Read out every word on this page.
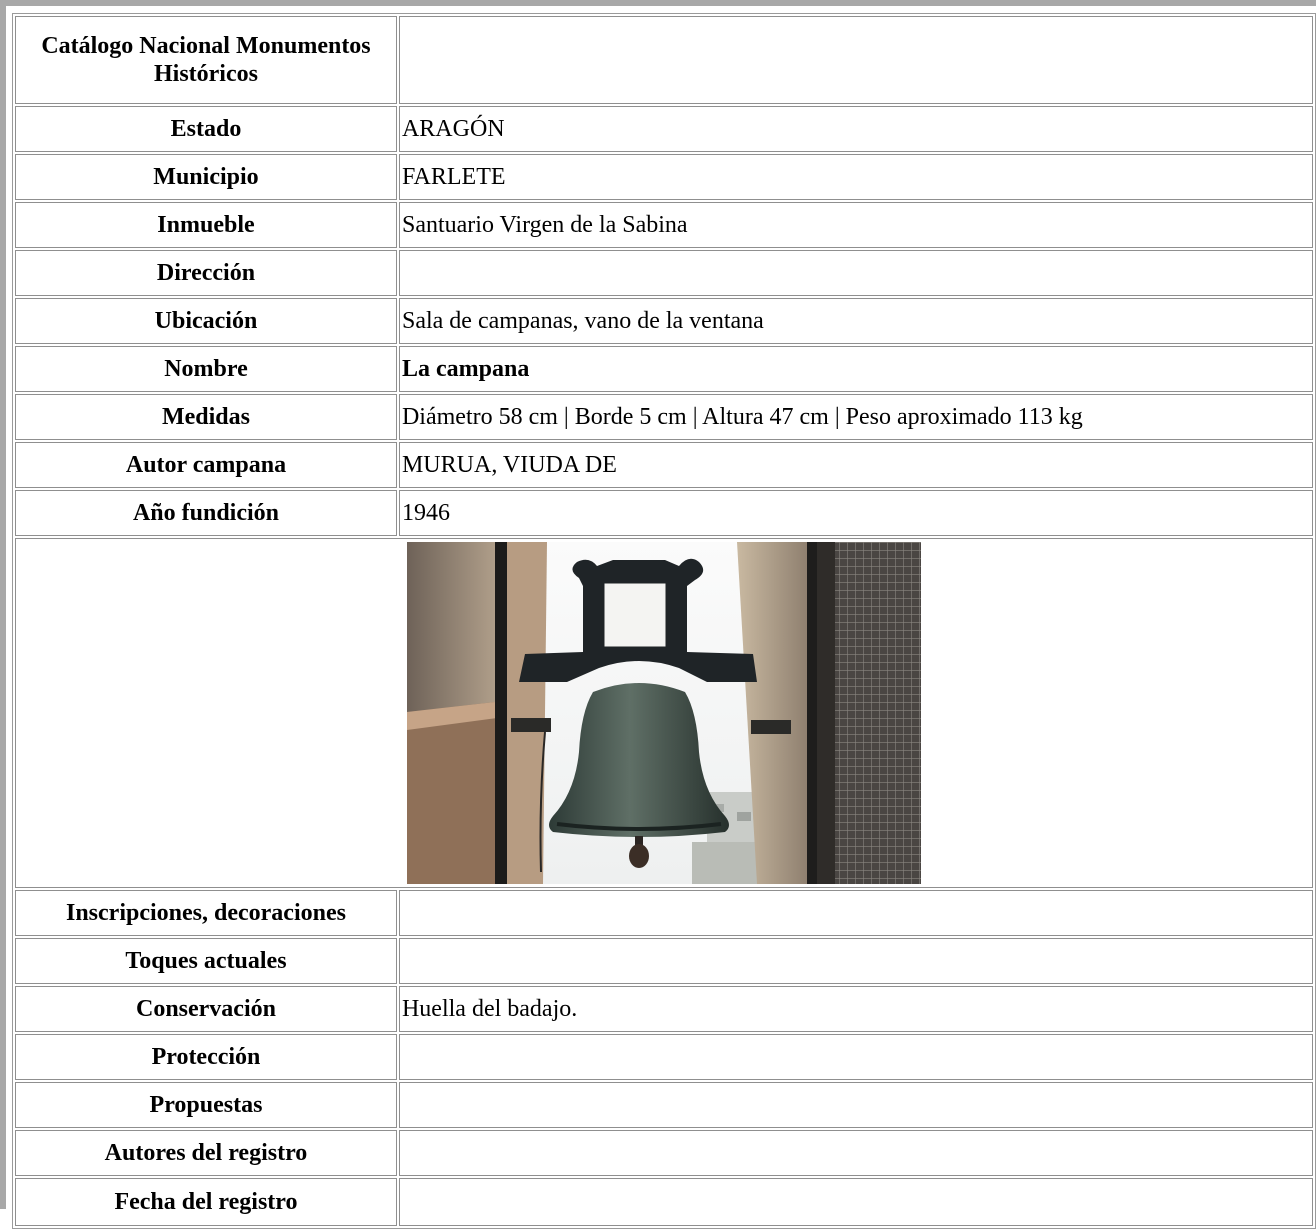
Catálogo Nacional Monumentos Históricos	
Estado	ARAGÓN
Municipio	FARLETE
Inmueble	Santuario Virgen de la Sabina
Dirección	
Ubicación	Sala de campanas, vano de la ventana
Nombre	La campana
Medidas	Diámetro 58 cm | Borde 5 cm | Altura 47 cm | Peso aproximado 113 kg
Autor campana	MURUA, VIUDA DE
Año fundición	1946

Inscripciones, decoraciones	
Toques actuales	
Conservación	Huella del badajo.
Protección	
Propuestas	
Autores del registro	
Fecha del registro	
